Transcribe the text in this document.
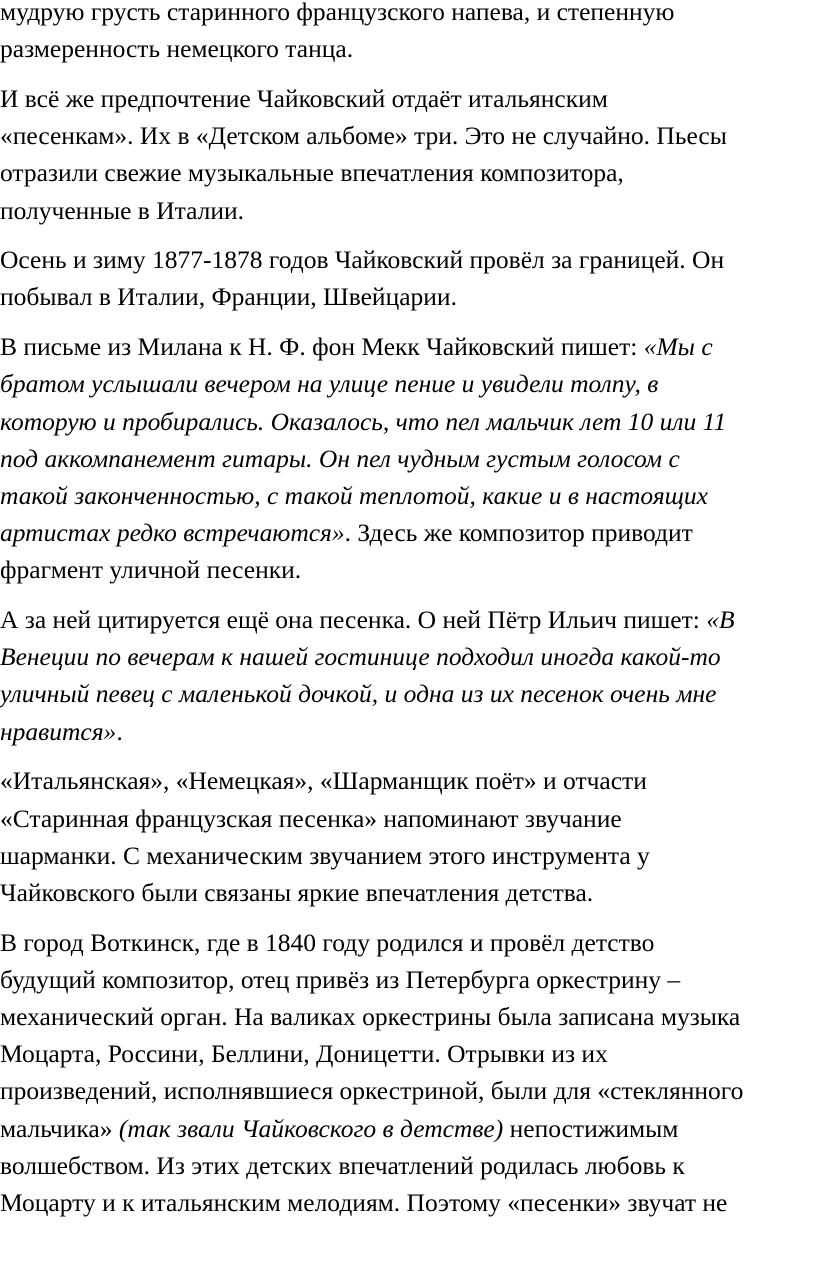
мудрую грусть старинного французского напева, и степенную
размеренность немецкого танца.

И всё же предпочтение Чайковский отдаёт итальянским
«песенкам». Их в «Детском альбоме» три. Это не случайно. Пьесы
отразили свежие музыкальные впечатления композитора,
полученные в Италии.

Осень и зиму 1877-1878 годов Чайковский провёл за границей. Он
побывал в Италии, Франции, Швейцарии.

В письме из Милана к Н. Ф. фон Мекк Чайковский пишет: «Мы с
братом услышали вечером на улице пение и увидели толпу, в
которую и пробирались. Оказалось, что пел мальчик лет 10 или 11
под аккомпанемент гитары. Он пел чудным густым голосом с
такой законченностью, с такой теплотой, какие и в настоящих
артистах редко встречаются». Здесь же композитор приводит
фрагмент уличной песенки.

А за ней цитируется ещё она песенка. О ней Пётр Ильич пишет: «В
Венеции по вечерам к нашей гостинице подходил иногда какой-то
уличный певец с маленькой дочкой, и одна из их песенок очень мне
нравится».

«Итальянская», «Немецкая», «Шарманщик поёт» и отчасти
«Старинная французская песенка» напоминают звучание
шарманки. С механическим звучанием этого инструмента у
Чайковского были связаны яркие впечатления детства.

В город Воткинск, где в 1840 году родился и провёл детство
будущий композитор, отец привёз из Петербурга оркестрину –
механический орган. На валиках оркестрины была записана музыка
Моцарта, Россини, Беллини, Доницетти. Отрывки из их
произведений, исполнявшиеся оркестриной, были для «стеклянного
мальчика» (так звали Чайковского в детстве) непостижимым
волшебством. Из этих детских впечатлений родилась любовь к
Моцарту и к итальянским мелодиям. Поэтому «песенки» звучат не
